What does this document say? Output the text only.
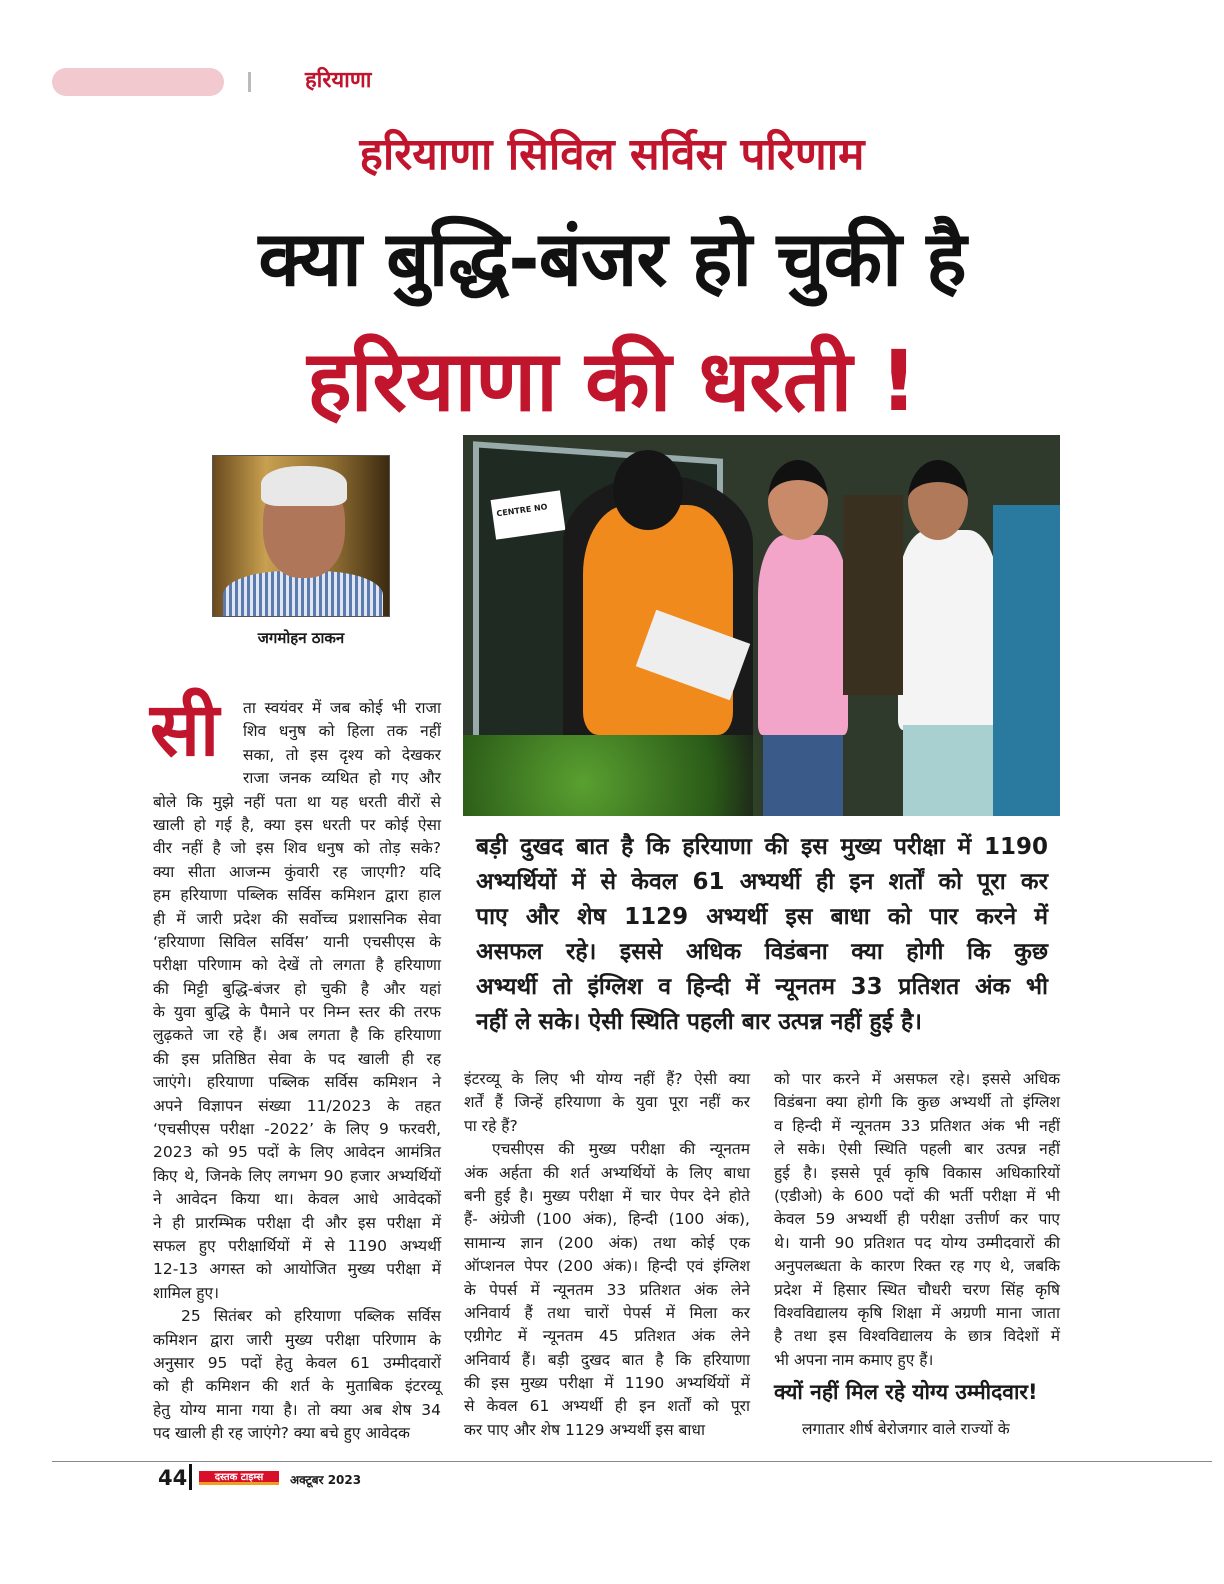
हरियाणा
हरियाणा सिविल सर्विस परिणाम
क्या बुद्धि-बंजर हो चुकी है
हरियाणा की धरती !
जगमोहन ठाकन
CENTRE NO
सी	ता स्वयंवर में जब कोई भी राजा
शिव धनुष को हिला तक नहीं
सका, तो इस दृश्य को देखकर
राजा जनक व्यथित हो गए और
बोले कि मुझे नहीं पता था यह धरती वीरों से
खाली हो गई है, क्या इस धरती पर कोई ऐसा
वीर नहीं है जो इस शिव धनुष को तोड़ सके?
क्या सीता आजन्म कुंवारी रह जाएगी? यदि
हम हरियाणा पब्लिक सर्विस कमिशन द्वारा हाल
ही में जारी प्रदेश की सर्वोच्च प्रशासनिक सेवा
‘हरियाणा सिविल सर्विस’ यानी एचसीएस के
परीक्षा परिणाम को देखें तो लगता है हरियाणा
की मिट्टी बुद्धि-बंजर हो चुकी है और यहां
के युवा बुद्धि के पैमाने पर निम्न स्तर की तरफ
लुढ़कते जा रहे हैं। अब लगता है कि हरियाणा
की इस प्रतिष्ठित सेवा के पद खाली ही रह
जाएंगे। हरियाणा पब्लिक सर्विस कमिशन ने
अपने विज्ञापन संख्या 11/2023 के तहत
‘एचसीएस परीक्षा -2022’ के लिए 9 फरवरी,
2023 को 95 पदों के लिए आवेदन आमंत्रित
किए थे, जिनके लिए लगभग 90 हजार अभ्यर्थियों
ने आवेदन किया था। केवल आधे आवेदकों
ने ही प्रारम्भिक परीक्षा दी और इस परीक्षा में
सफल हुए परीक्षार्थियों में से 1190 अभ्यर्थी
12-13 अगस्त को आयोजित मुख्य परीक्षा में
शामिल हुए।
25 सितंबर को हरियाणा पब्लिक सर्विस
कमिशन द्वारा जारी मुख्य परीक्षा परिणाम के
अनुसार 95 पदों हेतु केवल 61 उम्मीदवारों
को ही कमिशन की शर्त के मुताबिक इंटरव्यू
हेतु योग्य माना गया है। तो क्या अब शेष 34
पद खाली ही रह जाएंगे? क्या बचे हुए आवेदक
बड़ी दुखद बात है कि हरियाणा की इस मुख्य परीक्षा में 1190
अभ्यर्थियों में से केवल 61 अभ्यर्थी ही इन शर्तों को पूरा कर
पाए और शेष 1129 अभ्यर्थी इस बाधा को पार करने में
असफल रहे। इससे अधिक विडंबना क्या होगी कि कुछ
अभ्यर्थी तो इंग्लिश व हिन्दी में न्यूनतम 33 प्रतिशत अंक भी
नहीं ले सके। ऐसी स्थिति पहली बार उत्पन्न नहीं हुई है।
इंटरव्यू के लिए भी योग्य नहीं हैं? ऐसी क्या
शर्तें हैं जिन्हें हरियाणा के युवा पूरा नहीं कर
पा रहे हैं?
एचसीएस की मुख्य परीक्षा की न्यूनतम
अंक अर्हता की शर्त अभ्यर्थियों के लिए बाधा
बनी हुई है। मुख्य परीक्षा में चार पेपर देने होते
हैं- अंग्रेजी (100 अंक), हिन्दी (100 अंक),
सामान्य ज्ञान (200 अंक) तथा कोई एक
ऑप्शनल पेपर (200 अंक)। हिन्दी एवं इंग्लिश
के पेपर्स में न्यूनतम 33 प्रतिशत अंक लेने
अनिवार्य हैं तथा चारों पेपर्स में मिला कर
एग्रीगेट में न्यूनतम 45 प्रतिशत अंक लेने
अनिवार्य हैं। बड़ी दुखद बात है कि हरियाणा
की इस मुख्य परीक्षा में 1190 अभ्यर्थियों में
से केवल 61 अभ्यर्थी ही इन शर्तों को पूरा
कर पाए और शेष 1129 अभ्यर्थी इस बाधा
को पार करने में असफल रहे। इससे अधिक
विडंबना क्या होगी कि कुछ अभ्यर्थी तो इंग्लिश
व हिन्दी में न्यूनतम 33 प्रतिशत अंक भी नहीं
ले सके। ऐसी स्थिति पहली बार उत्पन्न नहीं
हुई है। इससे पूर्व कृषि विकास अधिकारियों
(एडीओ) के 600 पदों की भर्ती परीक्षा में भी
केवल 59 अभ्यर्थी ही परीक्षा उत्तीर्ण कर पाए
थे। यानी 90 प्रतिशत पद योग्य उम्मीदवारों की
अनुपलब्धता के कारण रिक्त रह गए थे, जबकि
प्रदेश में हिसार स्थित चौधरी चरण सिंह कृषि
विश्वविद्यालय कृषि शिक्षा में अग्रणी माना जाता
है तथा इस विश्वविद्यालय के छात्र विदेशों में
भी अपना नाम कमाए हुए हैं।
क्यों नहीं मिल रहे योग्य उम्मीदवार!
लगातार शीर्ष बेरोजगार वाले राज्यों के
44	दस्तक टाइम्स	अक्टूबर 2023
